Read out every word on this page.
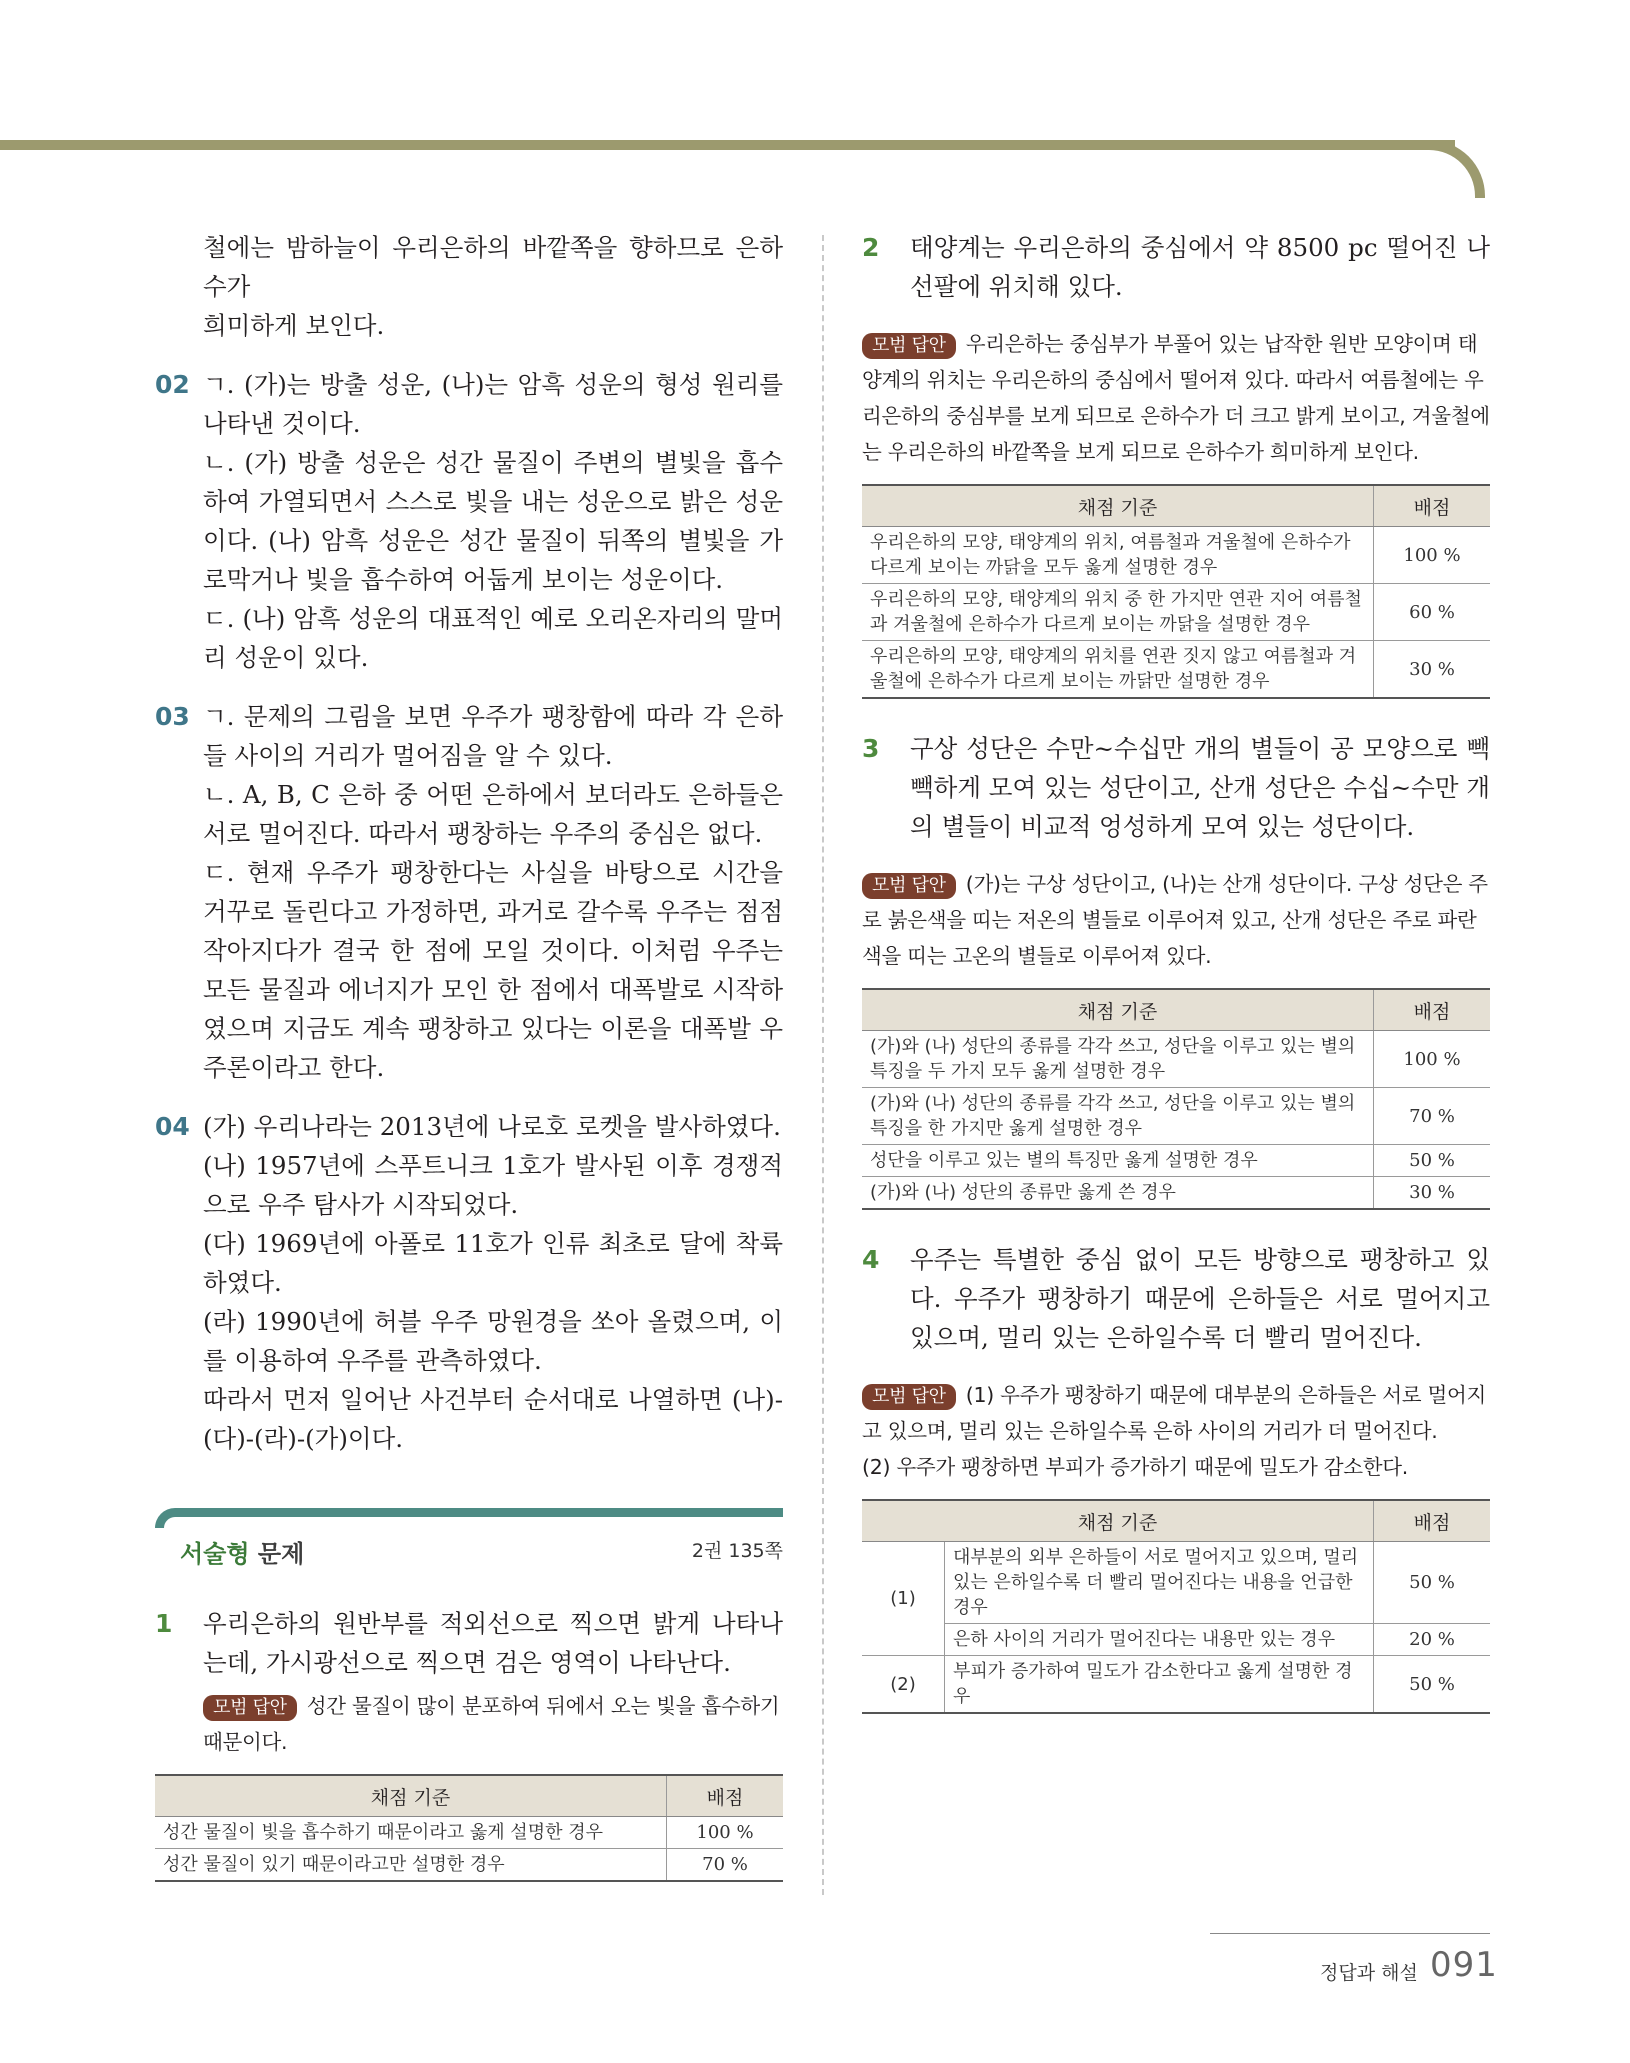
철에는 밤하늘이 우리은하의 바깥쪽을 향하므로 은하수가

희미하게 보인다.

02 ㄱ. (가)는 방출 성운, (나)는 암흑 성운의 형성 원리를 나타낸 것이다.

ㄴ. (가) 방출 성운은 성간 물질이 주변의 별빛을 흡수하여 가열되면서 스스로 빛을 내는 성운으로 밝은 성운이다. (나) 암흑 성운은 성간 물질이 뒤쪽의 별빛을 가로막거나 빛을 흡수하여 어둡게 보이는 성운이다.

ㄷ. (나) 암흑 성운의 대표적인 예로 오리온자리의 말머리 성운이 있다.

03 ㄱ. 문제의 그림을 보면 우주가 팽창함에 따라 각 은하들 사이의 거리가 멀어짐을 알 수 있다.

ㄴ. A, B, C 은하 중 어떤 은하에서 보더라도 은하들은 서로 멀어진다. 따라서 팽창하는 우주의 중심은 없다.

ㄷ. 현재 우주가 팽창한다는 사실을 바탕으로 시간을 거꾸로 돌린다고 가정하면, 과거로 갈수록 우주는 점점 작아지다가 결국 한 점에 모일 것이다. 이처럼 우주는 모든 물질과 에너지가 모인 한 점에서 대폭발로 시작하였으며 지금도 계속 팽창하고 있다는 이론을 대폭발 우주론이라고 한다.

04 (가) 우리나라는 2013년에 나로호 로켓을 발사하였다.

(나) 1957년에 스푸트니크 1호가 발사된 이후 경쟁적으로 우주 탐사가 시작되었다.

(다) 1969년에 아폴로 11호가 인류 최초로 달에 착륙하였다.

(라) 1990년에 허블 우주 망원경을 쏘아 올렸으며, 이를 이용하여 우주를 관측하였다.

따라서 먼저 일어난 사건부터 순서대로 나열하면 (나)-(다)-(라)-(가)이다.

서술형 문제	2권 135쪽
1 우리은하의 원반부를 적외선으로 찍으면 밝게 나타나는데, 가시광선으로 찍으면 검은 영역이 나타난다.

모범 답안 성간 물질이 많이 분포하여 뒤에서 오는 빛을 흡수하기 때문이다.

채점 기준	배점
성간 물질이 빛을 흡수하기 때문이라고 옳게 설명한 경우	100 %
성간 물질이 있기 때문이라고만 설명한 경우	70 %
2 태양계는 우리은하의 중심에서 약 8500 pc 떨어진 나선팔에 위치해 있다.

모범 답안 우리은하는 중심부가 부풀어 있는 납작한 원반 모양이며 태양계의 위치는 우리은하의 중심에서 떨어져 있다. 따라서 여름철에는 우리은하의 중심부를 보게 되므로 은하수가 더 크고 밝게 보이고, 겨울철에는 우리은하의 바깥쪽을 보게 되므로 은하수가 희미하게 보인다.

채점 기준	배점
우리은하의 모양, 태양계의 위치, 여름철과 겨울철에 은하수가 다르게 보이는 까닭을 모두 옳게 설명한 경우	100 %
우리은하의 모양, 태양계의 위치 중 한 가지만 연관 지어 여름철과 겨울철에 은하수가 다르게 보이는 까닭을 설명한 경우	60 %
우리은하의 모양, 태양계의 위치를 연관 짓지 않고 여름철과 겨울철에 은하수가 다르게 보이는 까닭만 설명한 경우	30 %
3 구상 성단은 수만~수십만 개의 별들이 공 모양으로 빽빽하게 모여 있는 성단이고, 산개 성단은 수십~수만 개의 별들이 비교적 엉성하게 모여 있는 성단이다.

모범 답안 (가)는 구상 성단이고, (나)는 산개 성단이다. 구상 성단은 주로 붉은색을 띠는 저온의 별들로 이루어져 있고, 산개 성단은 주로 파란색을 띠는 고온의 별들로 이루어져 있다.

채점 기준	배점
(가)와 (나) 성단의 종류를 각각 쓰고, 성단을 이루고 있는 별의 특징을 두 가지 모두 옳게 설명한 경우	100 %
(가)와 (나) 성단의 종류를 각각 쓰고, 성단을 이루고 있는 별의 특징을 한 가지만 옳게 설명한 경우	70 %
성단을 이루고 있는 별의 특징만 옳게 설명한 경우	50 %
(가)와 (나) 성단의 종류만 옳게 쓴 경우	30 %
4 우주는 특별한 중심 없이 모든 방향으로 팽창하고 있다. 우주가 팽창하기 때문에 은하들은 서로 멀어지고 있으며, 멀리 있는 은하일수록 더 빨리 멀어진다.

모범 답안 (1) 우주가 팽창하기 때문에 대부분의 은하들은 서로 멀어지고 있으며, 멀리 있는 은하일수록 은하 사이의 거리가 더 멀어진다.

(2) 우주가 팽창하면 부피가 증가하기 때문에 밀도가 감소한다.

채점 기준		배점
(1)	대부분의 외부 은하들이 서로 멀어지고 있으며, 멀리 있는 은하일수록 더 빨리 멀어진다는 내용을 언급한 경우	50 %
	은하 사이의 거리가 멀어진다는 내용만 있는 경우	20 %
(2)	부피가 증가하여 밀도가 감소한다고 옳게 설명한 경우	50 %
정답과 해설 091
